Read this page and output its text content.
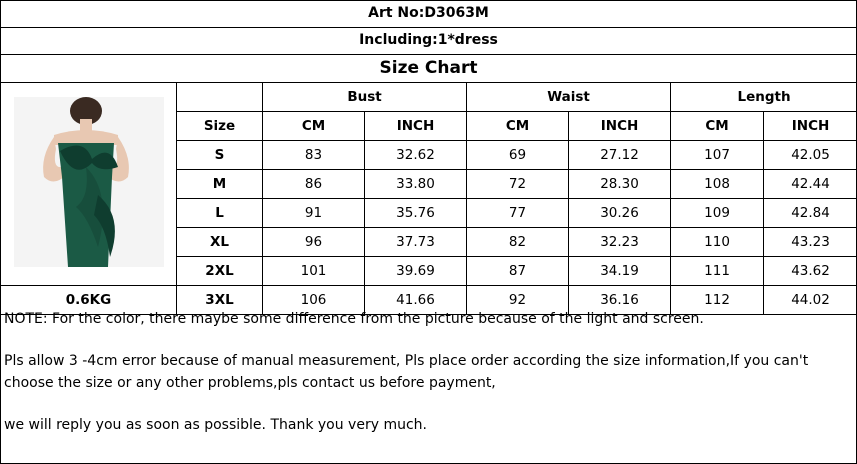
Art No:D3063M
Including:1*dress
Size Chart
		Bust		Waist		Length	
	Size	CM	INCH	CM	INCH	CM	INCH
	S	83	32.62	69	27.12	107	42.05
	M	86	33.80	72	28.30	108	42.44
	L	91	35.76	77	30.26	109	42.84
	XL	96	37.73	82	32.23	110	43.23
	2XL	101	39.69	87	34.19	111	43.62
0.6KG	3XL	106	41.66	92	36.16	112	44.02
NOTE: For the color, there maybe some difference from the picture because of the light and screen.
Pls allow 3 -4cm error because of manual measurement, Pls place order according the size information,If you can't
choose the size or any other problems,pls contact us before payment,
we will reply you as soon as possible. Thank you very much.
